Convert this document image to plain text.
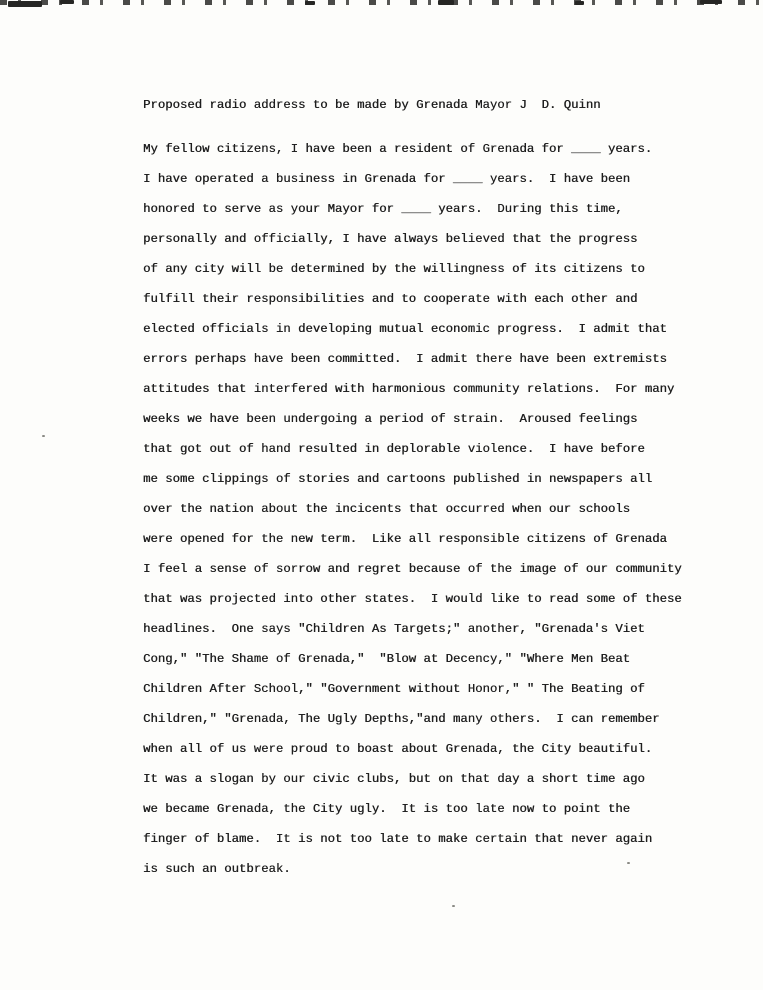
Proposed radio address to be made by Grenada Mayor J  D. Quinn
My fellow citizens, I have been a resident of Grenada for ____ years.
I have operated a business in Grenada for ____ years.  I have been
honored to serve as your Mayor for ____ years.  During this time,
personally and officially, I have always believed that the progress
of any city will be determined by the willingness of its citizens to
fulfill their responsibilities and to cooperate with each other and
elected officials in developing mutual economic progress.  I admit that
errors perhaps have been committed.  I admit there have been extremists
attitudes that interfered with harmonious community relations.  For many
weeks we have been undergoing a period of strain.  Aroused feelings
that got out of hand resulted in deplorable violence.  I have before
me some clippings of stories and cartoons published in newspapers all
over the nation about the incicents that occurred when our schools
were opened for the new term.  Like all responsible citizens of Grenada
I feel a sense of sorrow and regret because of the image of our community
that was projected into other states.  I would like to read some of these
headlines.  One says "Children As Targets;" another, "Grenada's Viet
Cong," "The Shame of Grenada,"  "Blow at Decency," "Where Men Beat
Children After School," "Government without Honor," " The Beating of
Children," "Grenada, The Ugly Depths,"and many others.  I can remember
when all of us were proud to boast about Grenada, the City beautiful.
It was a slogan by our civic clubs, but on that day a short time ago
we became Grenada, the City ugly.  It is too late now to point the
finger of blame.  It is not too late to make certain that never again
is such an outbreak.
